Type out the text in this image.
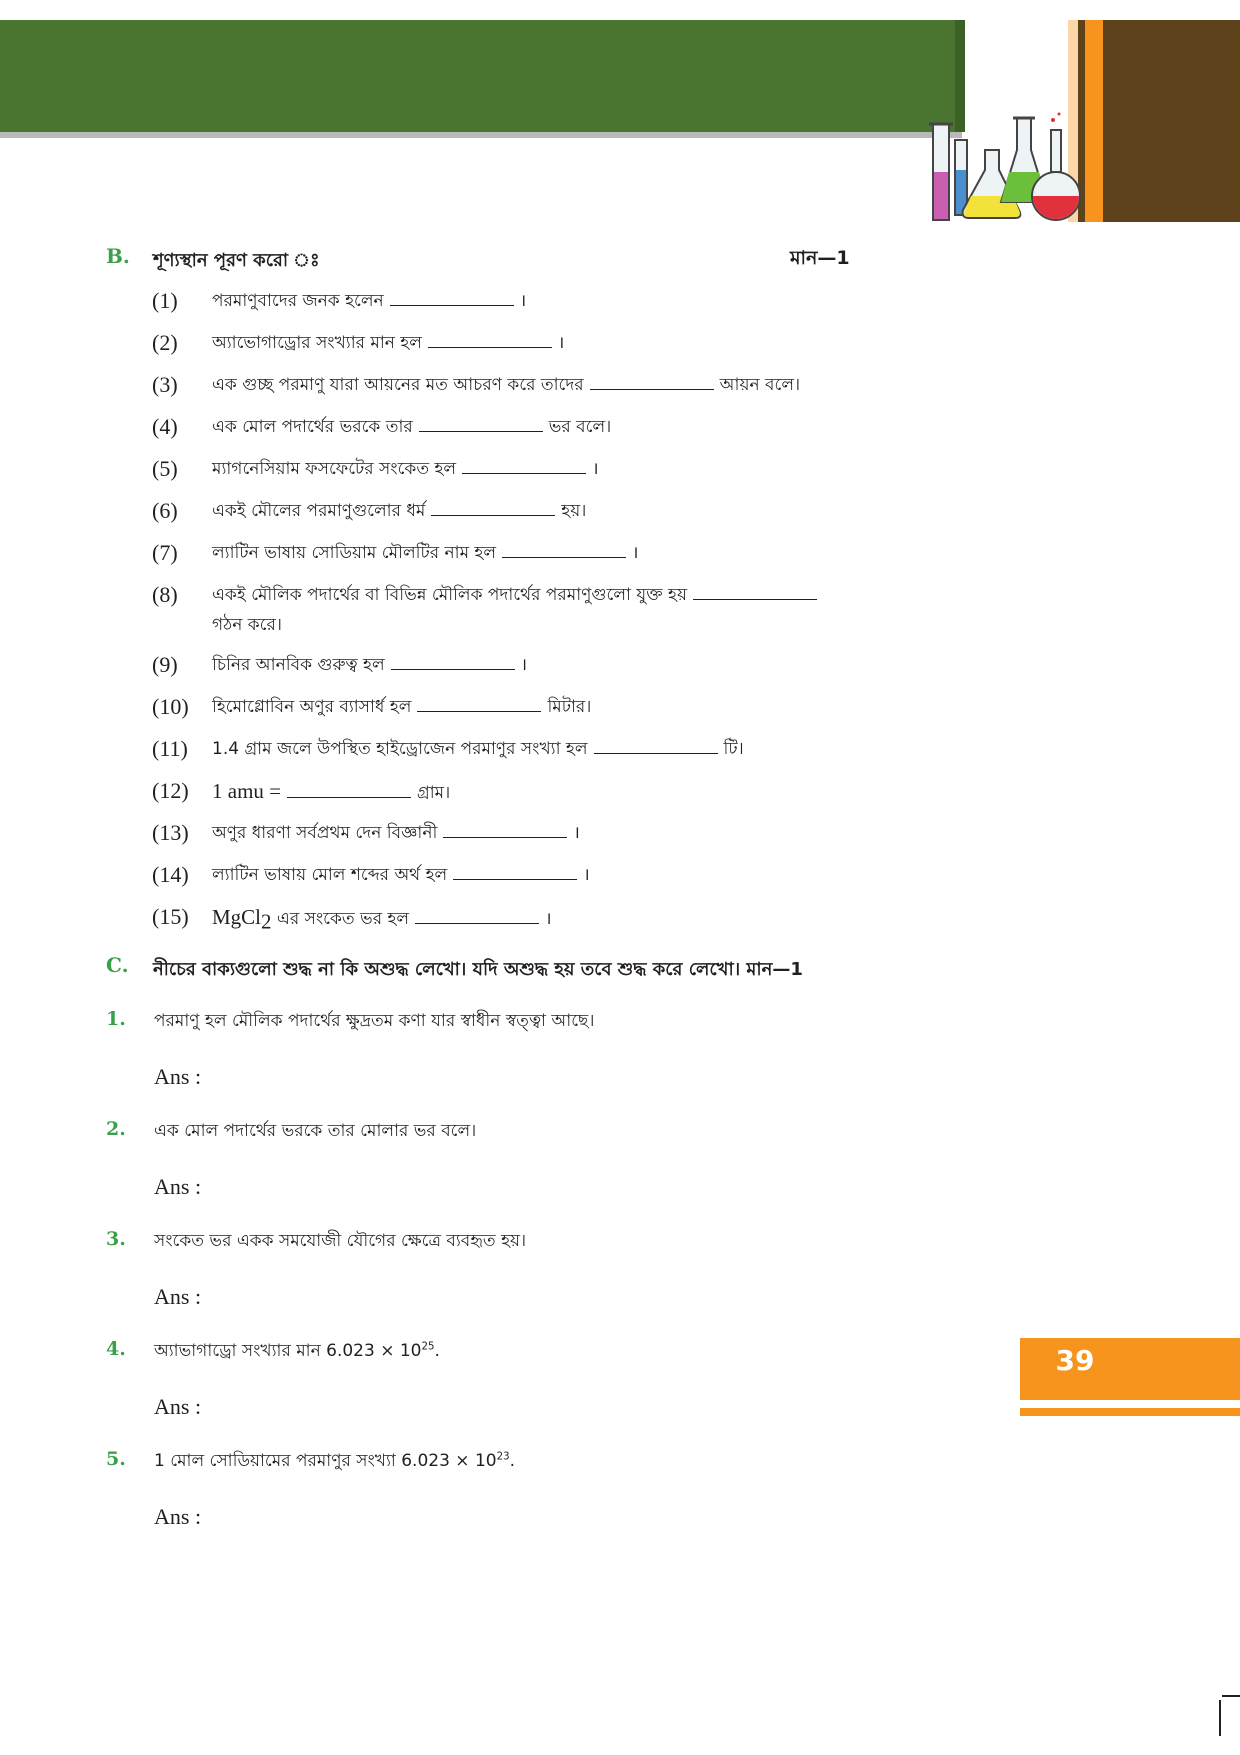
B. শূণ্যস্থান পূরণ করো ঃ	মান—1
(1)	পরমাণুবাদের জনক হলেন	।
(2)	অ্যাভোগাড্রোর সংখ্যার মান হল	।
(3)	এক গুচ্ছ পরমাণু যারা আয়নের মত আচরণ করে তাদের	আয়ন বলে।
(4)	এক মোল পদার্থের ভরকে তার	ভর বলে।
(5)	ম্যাগনেসিয়াম ফসফেটের সংকেত হল	।
(6)	একই মৌলের পরমাণুগুলোর ধর্ম	হয়।
(7)	ল্যাটিন ভাষায় সোডিয়াম মৌলটির নাম হল	।
(8)	একই মৌলিক পদার্থের বা বিভিন্ন মৌলিক পদার্থের পরমাণুগুলো যুক্ত হয়
গঠন করে।
(9)	চিনির আনবিক গুরুত্ব হল	।
(10)	হিমোগ্লোবিন অণুর ব্যাসার্ধ হল	মিটার।
(11)	1.4 গ্রাম জলে উপস্থিত হাইড্রোজেন পরমাণুর সংখ্যা হল	টি।
(12)	1 amu =	গ্রাম।
(13)	অণুর ধারণা সর্বপ্রথম দেন বিজ্ঞানী	।
(14)	ল্যাটিন ভাষায় মোল শব্দের অর্থ হল	।
(15)	MgCl$_2$ এর সংকেত ভর হল	।
C. নীচের বাক্যগুলো শুদ্ধ না কি অশুদ্ধ লেখো। যদি অশুদ্ধ হয় তবে শুদ্ধ করে লেখো। মান—1
1. পরমাণু হল মৌলিক পদার্থের ক্ষুদ্রতম কণা যার স্বাধীন স্বত্ত্বা আছে।
Ans :
2. এক মোল পদার্থের ভরকে তার মোলার ভর বলে।
Ans :
3. সংকেত ভর একক সমযোজী যৌগের ক্ষেত্রে ব্যবহৃত হয়।
Ans :
4. অ্যাভাগাড্রো সংখ্যার মান $6.023 \times 10^{25}$.
Ans :
5. 1 মোল সোডিয়ামের পরমাণুর সংখ্যা $6.023 \times 10^{23}$.
Ans :
39
